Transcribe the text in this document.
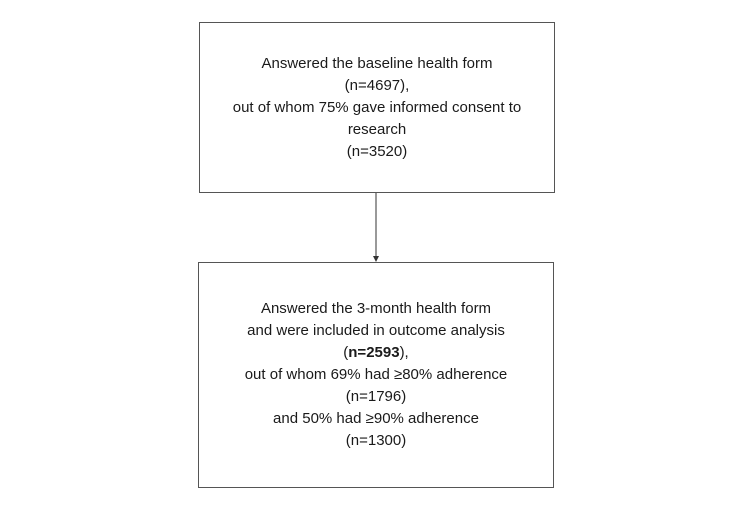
Answered the baseline health form
(n=4697),
out of whom 75% gave informed consent to
research
(n=3520)
Answered the 3-month health form
and were included in outcome analysis
(n=2593),
out of whom 69% had ≥80% adherence
(n=1796)
and 50% had ≥90% adherence
(n=1300)
